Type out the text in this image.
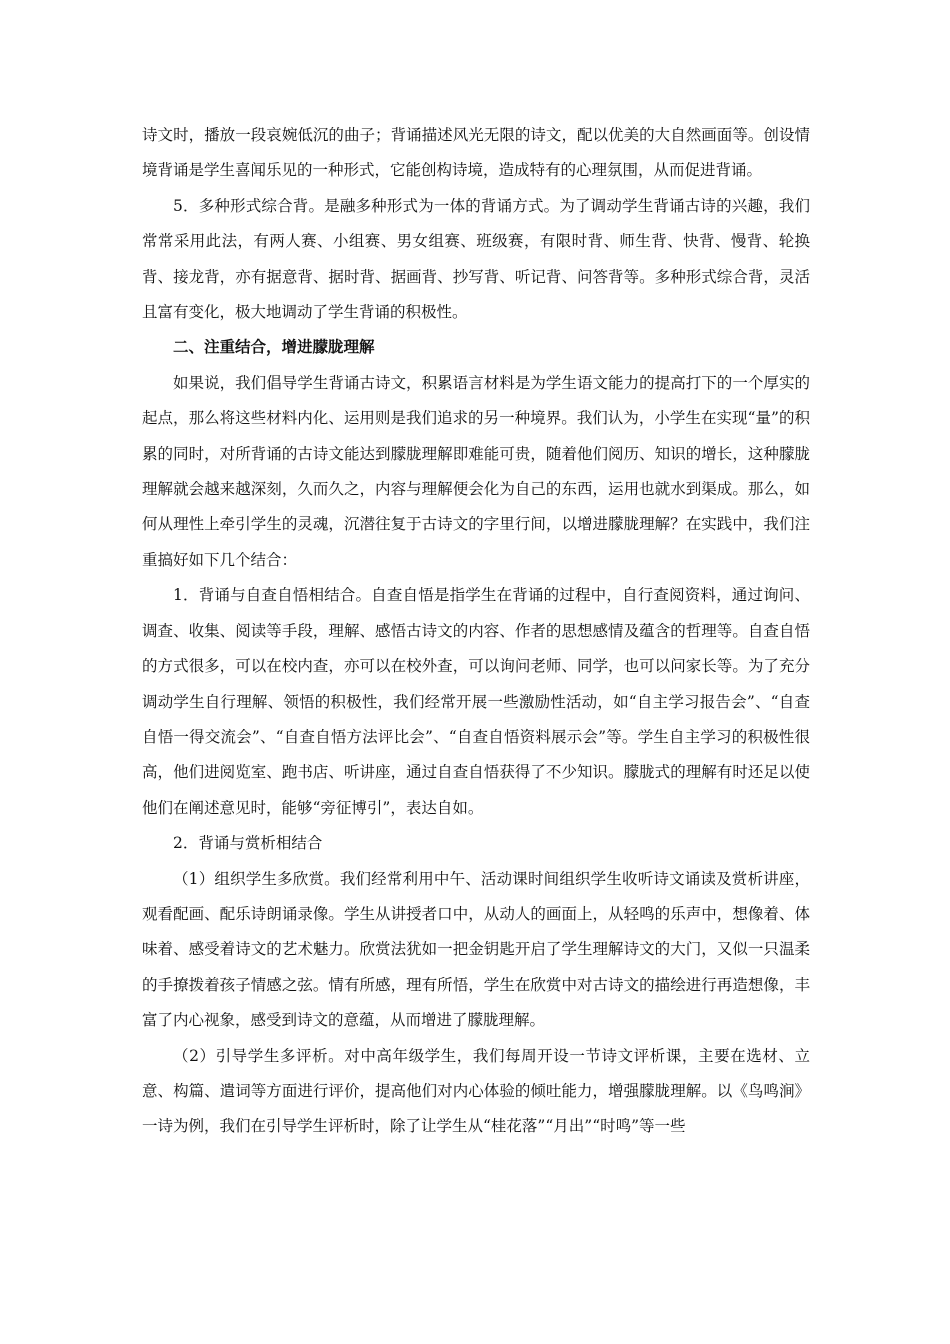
诗文时，播放一段哀婉低沉的曲子；背诵描述风光无限的诗文，配以优美的大自然画面等。创设情境背诵是学生喜闻乐见的一种形式，它能创构诗境，造成特有的心理氛围，从而促进背诵。

5．多种形式综合背。是融多种形式为一体的背诵方式。为了调动学生背诵古诗的兴趣，我们常常采用此法，有两人赛、小组赛、男女组赛、班级赛，有限时背、师生背、快背、慢背、轮换背、接龙背，亦有据意背、据时背、据画背、抄写背、听记背、问答背等。多种形式综合背，灵活且富有变化，极大地调动了学生背诵的积极性。

二、注重结合，增进朦胧理解

如果说，我们倡导学生背诵古诗文，积累语言材料是为学生语文能力的提高打下的一个厚实的起点，那么将这些材料内化、运用则是我们追求的另一种境界。我们认为，小学生在实现“量”的积累的同时，对所背诵的古诗文能达到朦胧理解即难能可贵，随着他们阅历、知识的增长，这种朦胧理解就会越来越深刻，久而久之，内容与理解便会化为自己的东西，运用也就水到渠成。那么，如何从理性上牵引学生的灵魂，沉潜往复于古诗文的字里行间，以增进朦胧理解？在实践中，我们注重搞好如下几个结合：

1．背诵与自查自悟相结合。自查自悟是指学生在背诵的过程中，自行查阅资料，通过询问、调查、收集、阅读等手段，理解、感悟古诗文的内容、作者的思想感情及蕴含的哲理等。自查自悟的方式很多，可以在校内查，亦可以在校外查，可以询问老师、同学，也可以问家长等。为了充分调动学生自行理解、领悟的积极性，我们经常开展一些激励性活动，如“自主学习报告会”、“自查自悟一得交流会”、“自查自悟方法评比会”、“自查自悟资料展示会”等。学生自主学习的积极性很高，他们进阅览室、跑书店、听讲座，通过自查自悟获得了不少知识。朦胧式的理解有时还足以使他们在阐述意见时，能够“旁征博引”，表达自如。

2．背诵与赏析相结合

（1）组织学生多欣赏。我们经常利用中午、活动课时间组织学生收听诗文诵读及赏析讲座，观看配画、配乐诗朗诵录像。学生从讲授者口中，从动人的画面上，从轻鸣的乐声中，想像着、体味着、感受着诗文的艺术魅力。欣赏法犹如一把金钥匙开启了学生理解诗文的大门，又似一只温柔的手撩拨着孩子情感之弦。情有所感，理有所悟，学生在欣赏中对古诗文的描绘进行再造想像，丰富了内心视象，感受到诗文的意蕴，从而增进了朦胧理解。

（2）引导学生多评析。对中高年级学生，我们每周开设一节诗文评析课，主要在选材、立意、构篇、遣词等方面进行评价，提高他们对内心体验的倾吐能力，增强朦胧理解。以《鸟鸣涧》一诗为例，我们在引导学生评析时，除了让学生从“桂花落”“月出”“时鸣”等一些
